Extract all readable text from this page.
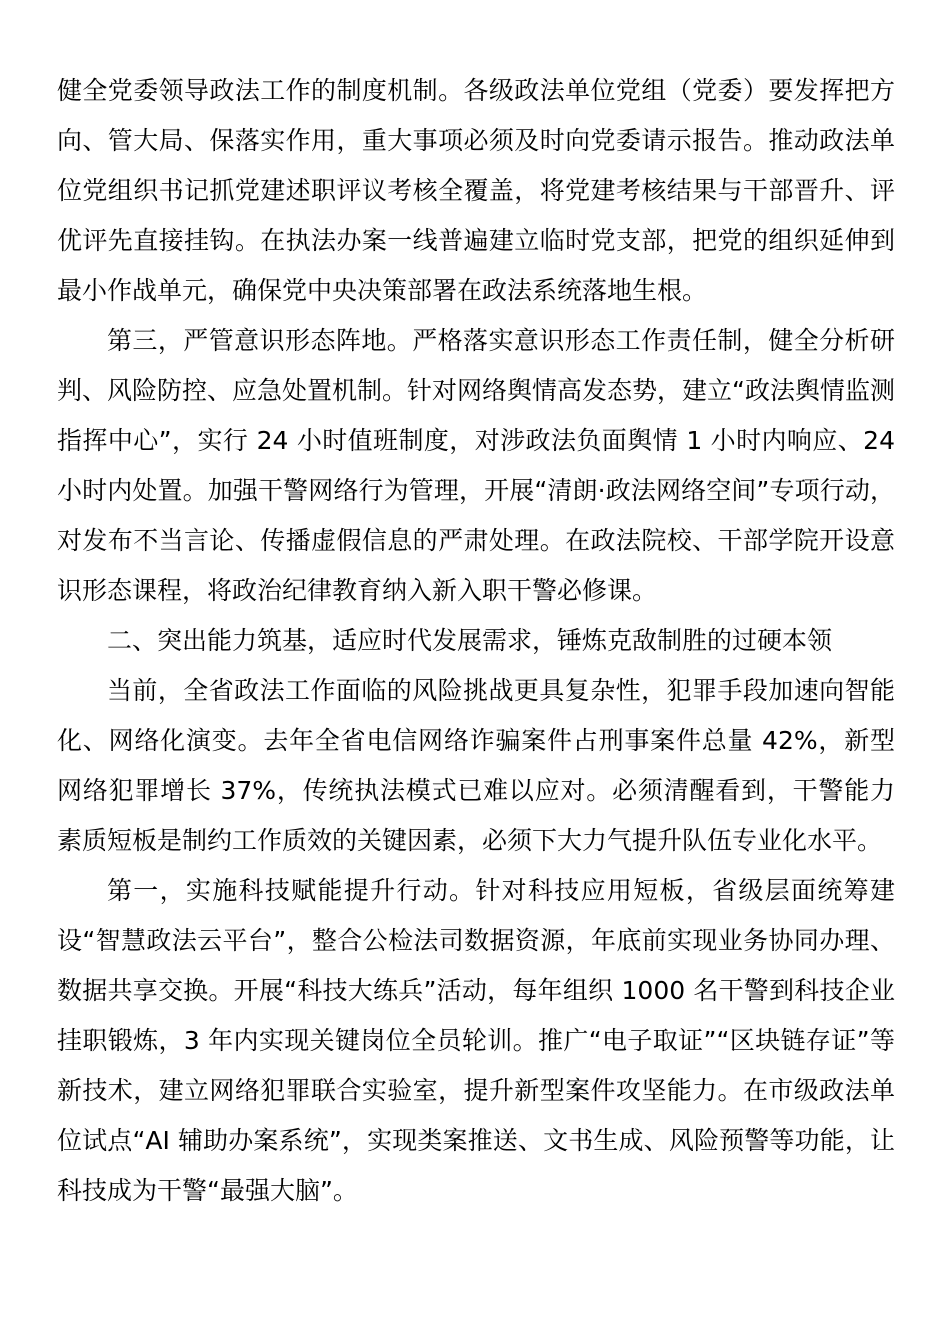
健全党委领导政法工作的制度机制。各级政法单位党组（党委）要发挥把方向、管大局、保落实作用，重大事项必须及时向党委请示报告。推动政法单位党组织书记抓党建述职评议考核全覆盖，将党建考核结果与干部晋升、评优评先直接挂钩。在执法办案一线普遍建立临时党支部，把党的组织延伸到最小作战单元，确保党中央决策部署在政法系统落地生根。

第三，严管意识形态阵地。严格落实意识形态工作责任制，健全分析研判、风险防控、应急处置机制。针对网络舆情高发态势，建立“政法舆情监测指挥中心”，实行 24 小时值班制度，对涉政法负面舆情 1 小时内响应、24 小时内处置。加强干警网络行为管理，开展“清朗·政法网络空间”专项行动，对发布不当言论、传播虚假信息的严肃处理。在政法院校、干部学院开设意识形态课程，将政治纪律教育纳入新入职干警必修课。

二、突出能力筑基，适应时代发展需求，锤炼克敌制胜的过硬本领

当前，全省政法工作面临的风险挑战更具复杂性，犯罪手段加速向智能化、网络化演变。去年全省电信网络诈骗案件占刑事案件总量 42%，新型网络犯罪增长 37%，传统执法模式已难以应对。必须清醒看到，干警能力素质短板是制约工作质效的关键因素，必须下大力气提升队伍专业化水平。

第一，实施科技赋能提升行动。针对科技应用短板，省级层面统筹建设“智慧政法云平台”，整合公检法司数据资源，年底前实现业务协同办理、数据共享交换。开展“科技大练兵”活动，每年组织 1000 名干警到科技企业挂职锻炼，3 年内实现关键岗位全员轮训。推广“电子取证”“区块链存证”等新技术，建立网络犯罪联合实验室，提升新型案件攻坚能力。在市级政法单位试点“AI 辅助办案系统”，实现类案推送、文书生成、风险预警等功能，让科技成为干警“最强大脑”。
